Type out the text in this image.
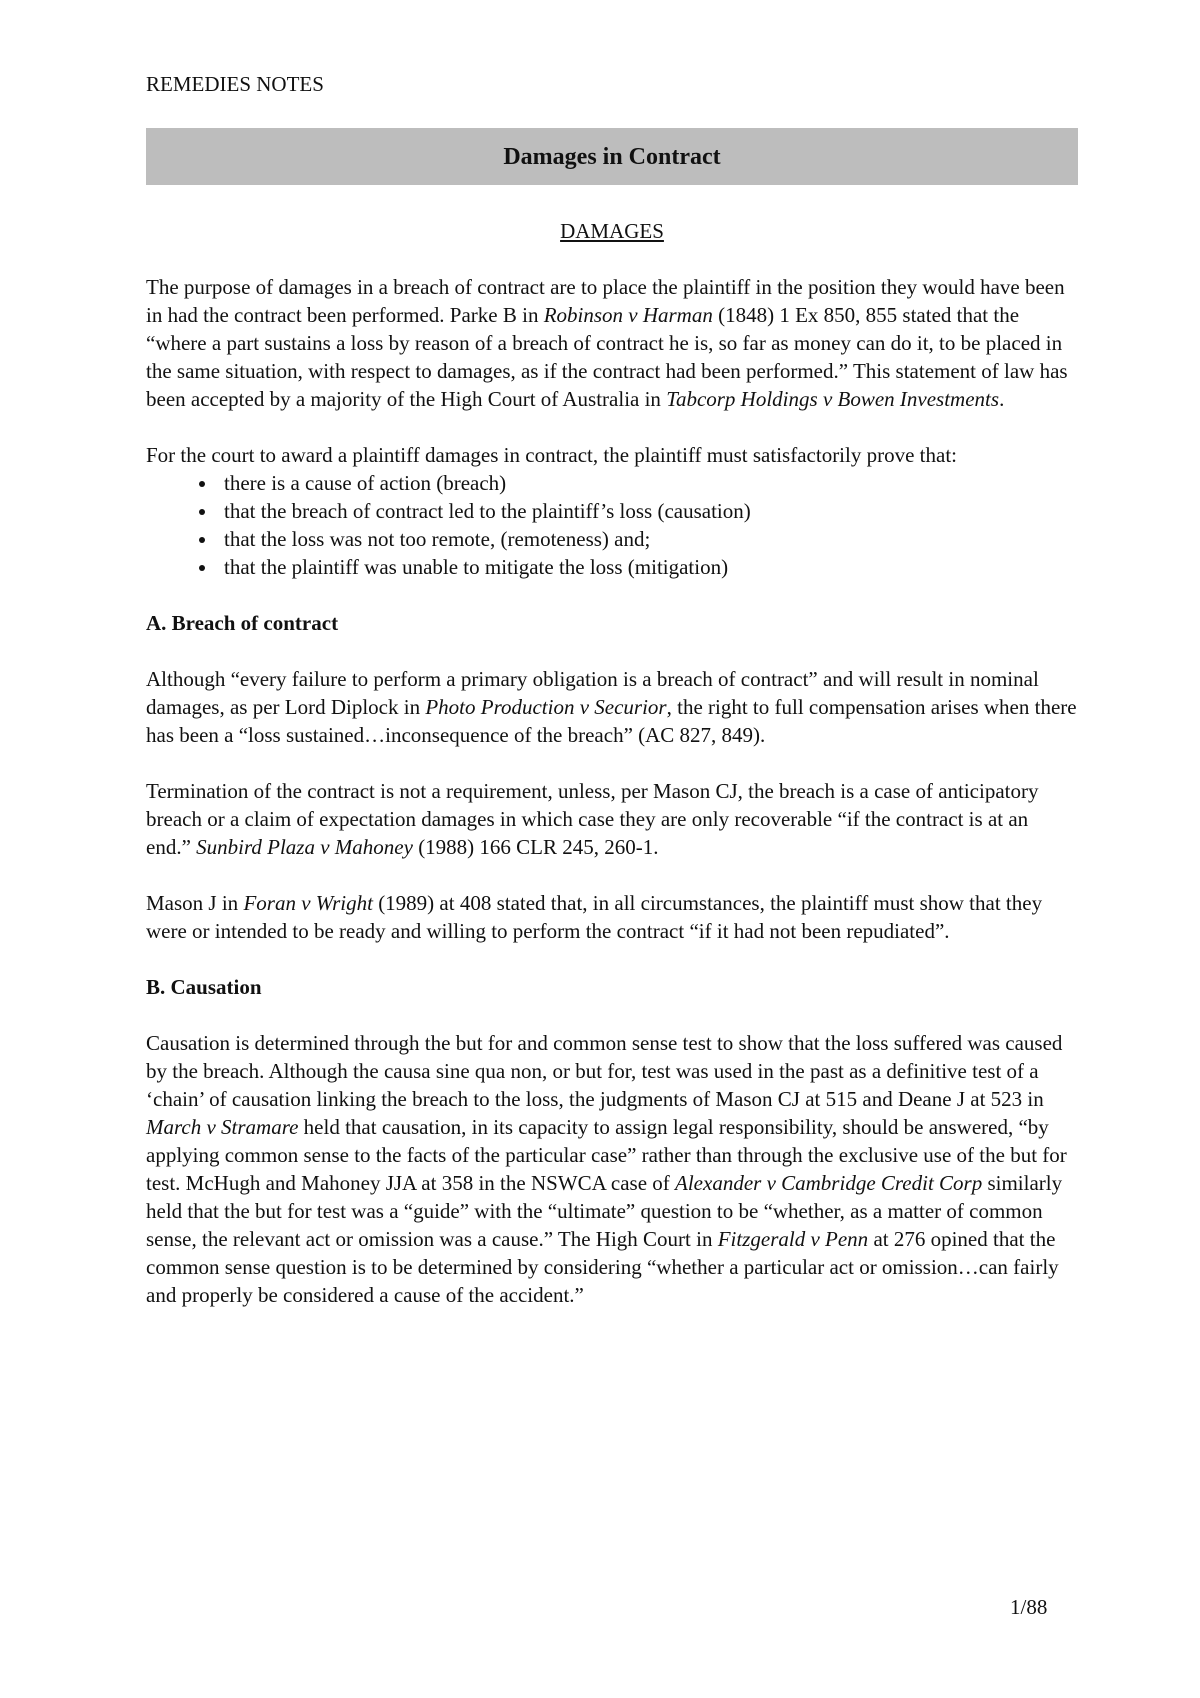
REMEDIES NOTES
Damages in Contract
DAMAGES

The purpose of damages in a breach of contract are to place the plaintiff in the position they would have been in had the contract been performed. Parke B in Robinson v Harman (1848) 1 Ex 850, 855 stated that the “where a part sustains a loss by reason of a breach of contract he is, so far as money can do it, to be placed in the same situation, with respect to damages, as if the contract had been performed.” This statement of law has been accepted by a majority of the High Court of Australia in Tabcorp Holdings v Bowen Investments.

For the court to award a plaintiff damages in contract, the plaintiff must satisfactorily prove that:

• there is a cause of action (breach)
• that the breach of contract led to the plaintiff’s loss (causation)
• that the loss was not too remote, (remoteness) and;
• that the plaintiff was unable to mitigate the loss (mitigation)
A. Breach of contract

Although “every failure to perform a primary obligation is a breach of contract” and will result in nominal damages, as per Lord Diplock in Photo Production v Securior, the right to full compensation arises when there has been a “loss sustained…inconsequence of the breach” (AC 827, 849).

Termination of the contract is not a requirement, unless, per Mason CJ, the breach is a case of anticipatory breach or a claim of expectation damages in which case they are only recoverable “if the contract is at an end.” Sunbird Plaza v Mahoney (1988) 166 CLR 245, 260-1.

Mason J in Foran v Wright (1989) at 408 stated that, in all circumstances, the plaintiff must show that they were or intended to be ready and willing to perform the contract “if it had not been repudiated”.

B. Causation

Causation is determined through the but for and common sense test to show that the loss suffered was caused by the breach. Although the causa sine qua non, or but for, test was used in the past as a definitive test of a ‘chain’ of causation linking the breach to the loss, the judgments of Mason CJ at 515 and Deane J at 523 in March v Stramare held that causation, in its capacity to assign legal responsibility, should be answered, “by applying common sense to the facts of the particular case” rather than through the exclusive use of the but for test. McHugh and Mahoney JJA at 358 in the NSWCA case of Alexander v Cambridge Credit Corp similarly held that the but for test was a “guide” with the “ultimate” question to be “whether, as a matter of common sense, the relevant act or omission was a cause.” The High Court in Fitzgerald v Penn at 276 opined that the common sense question is to be determined by considering “whether a particular act or omission…can fairly and properly be considered a cause of the accident.”

1/88
